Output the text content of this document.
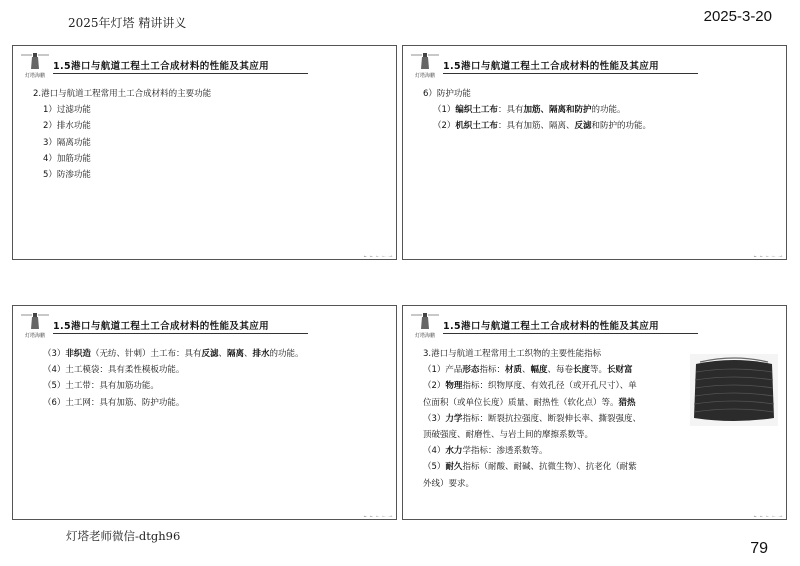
2025年灯塔 精讲讲义	2025-3-20
灯塔海鹏
1.5港口与航道工程土工合成材料的性能及其应用
2.港口与航道工程常用土工合成材料的主要功能
1）过滤功能
2）排水功能
3）隔离功能
4）加筋功能
5）防渗功能
灯塔海鹏
1.5港口与航道工程土工合成材料的性能及其应用
6）防护功能
（1）编织土工布：具有加筋、隔离和防护的功能。
（2）机织土工布：具有加筋、隔离、反滤和防护的功能。
灯塔海鹏
1.5港口与航道工程土工合成材料的性能及其应用
（3）非织造（无纺、针刺）土工布：具有反滤、隔离、排水的功能。
（4）土工模袋：具有柔性模板功能。
（5）土工带：具有加筋功能。
（6）土工网：具有加筋、防护功能。
灯塔海鹏
1.5港口与航道工程土工合成材料的性能及其应用
3.港口与航道工程常用土工织物的主要性能指标
（1）产品形态指标：材质、幅度、每卷长度等。长财富
（2）物理指标：织物厚度、有效孔径（或开孔尺寸）、单
位面积（或单位长度）质量、耐热性（软化点）等。猎热
（3）力学指标：断裂抗拉强度、断裂伸长率、撕裂强度、
顶破强度、耐磨性、与岩土间的摩擦系数等。
（4）水力学指标：渗透系数等。
（5）耐久指标（耐酸、耐碱、抗微生物）、抗老化（耐紫
外线）要求。
灯塔老师微信-dtgh96
79
